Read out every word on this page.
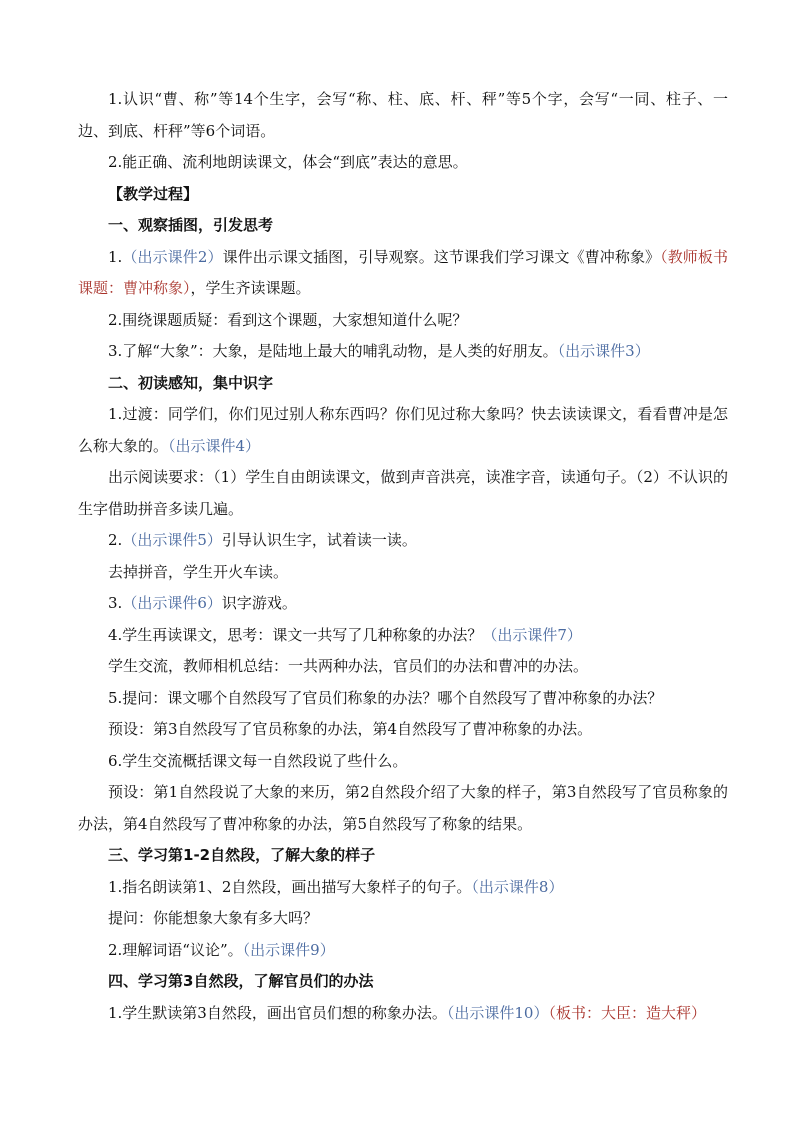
1.认识“曹、称”等14个生字，会写“称、柱、底、杆、秤”等5个字，会写“一同、柱子、一边、到底、杆秤”等6个词语。

2.能正确、流利地朗读课文，体会“到底”表达的意思。

【教学过程】

一、观察插图，引发思考

1.（出示课件2）课件出示课文插图，引导观察。这节课我们学习课文《曹冲称象》（教师板书课题：曹冲称象），学生齐读课题。

2.围绕课题质疑：看到这个课题，大家想知道什么呢？

3.了解“大象”：大象，是陆地上最大的哺乳动物，是人类的好朋友。（出示课件3）

二、初读感知，集中识字

1.过渡：同学们，你们见过别人称东西吗？你们见过称大象吗？快去读读课文，看看曹冲是怎么称大象的。（出示课件4）

出示阅读要求：（1）学生自由朗读课文，做到声音洪亮，读准字音，读通句子。（2）不认识的生字借助拼音多读几遍。

2.（出示课件5）引导认识生字，试着读一读。

去掉拼音，学生开火车读。

3.（出示课件6）识字游戏。

4.学生再读课文，思考：课文一共写了几种称象的办法？（出示课件7）

学生交流，教师相机总结：一共两种办法，官员们的办法和曹冲的办法。

5.提问：课文哪个自然段写了官员们称象的办法？哪个自然段写了曹冲称象的办法？

预设：第3自然段写了官员称象的办法，第4自然段写了曹冲称象的办法。

6.学生交流概括课文每一自然段说了些什么。

预设：第1自然段说了大象的来历，第2自然段介绍了大象的样子，第3自然段写了官员称象的办法，第4自然段写了曹冲称象的办法，第5自然段写了称象的结果。

三、学习第1-2自然段，了解大象的样子

1.指名朗读第1、2自然段，画出描写大象样子的句子。（出示课件8）

提问：你能想象大象有多大吗？

2.理解词语“议论”。（出示课件9）

四、学习第3自然段，了解官员们的办法

1.学生默读第3自然段，画出官员们想的称象办法。（出示课件10）（板书：大臣：造大秤）
